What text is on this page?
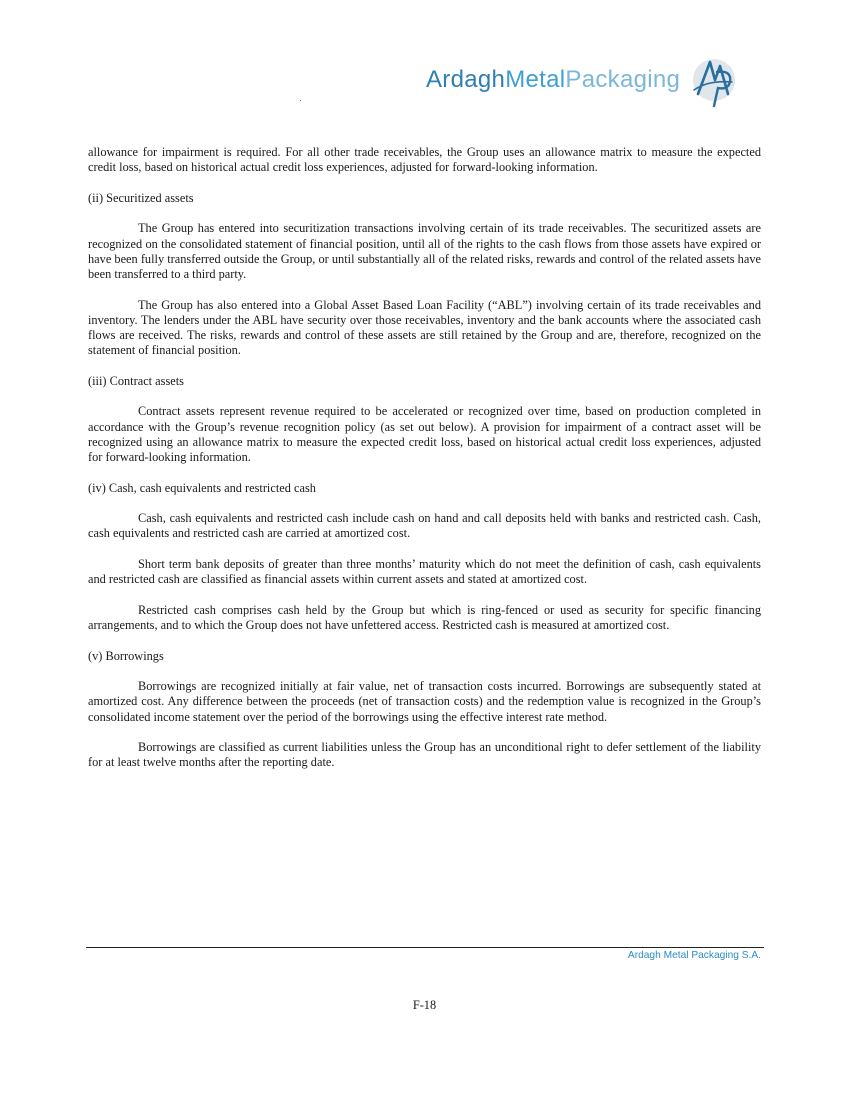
ArdaghMetalPackaging

allowance for impairment is required. For all other trade receivables, the Group uses an allowance matrix to measure the expected credit loss, based on historical actual credit loss experiences, adjusted for forward-looking information.

(ii) Securitized assets

The Group has entered into securitization transactions involving certain of its trade receivables. The securitized assets are recognized on the consolidated statement of financial position, until all of the rights to the cash flows from those assets have expired or have been fully transferred outside the Group, or until substantially all of the related risks, rewards and control of the related assets have been transferred to a third party.

The Group has also entered into a Global Asset Based Loan Facility (“ABL”) involving certain of its trade receivables and inventory. The lenders under the ABL have security over those receivables, inventory and the bank accounts where the associated cash flows are received. The risks, rewards and control of these assets are still retained by the Group and are, therefore, recognized on the statement of financial position.

(iii) Contract assets

Contract assets represent revenue required to be accelerated or recognized over time, based on production completed in accordance with the Group’s revenue recognition policy (as set out below). A provision for impairment of a contract asset will be recognized using an allowance matrix to measure the expected credit loss, based on historical actual credit loss experiences, adjusted for forward-looking information.

(iv) Cash, cash equivalents and restricted cash

Cash, cash equivalents and restricted cash include cash on hand and call deposits held with banks and restricted cash. Cash, cash equivalents and restricted cash are carried at amortized cost.

Short term bank deposits of greater than three months’ maturity which do not meet the definition of cash, cash equivalents and restricted cash are classified as financial assets within current assets and stated at amortized cost.

Restricted cash comprises cash held by the Group but which is ring-fenced or used as security for specific financing arrangements, and to which the Group does not have unfettered access. Restricted cash is measured at amortized cost.

(v) Borrowings

Borrowings are recognized initially at fair value, net of transaction costs incurred. Borrowings are subsequently stated at amortized cost. Any difference between the proceeds (net of transaction costs) and the redemption value is recognized in the Group’s consolidated income statement over the period of the borrowings using the effective interest rate method.

Borrowings are classified as current liabilities unless the Group has an unconditional right to defer settlement of the liability for at least twelve months after the reporting date.

Ardagh Metal Packaging S.A.
F-18
